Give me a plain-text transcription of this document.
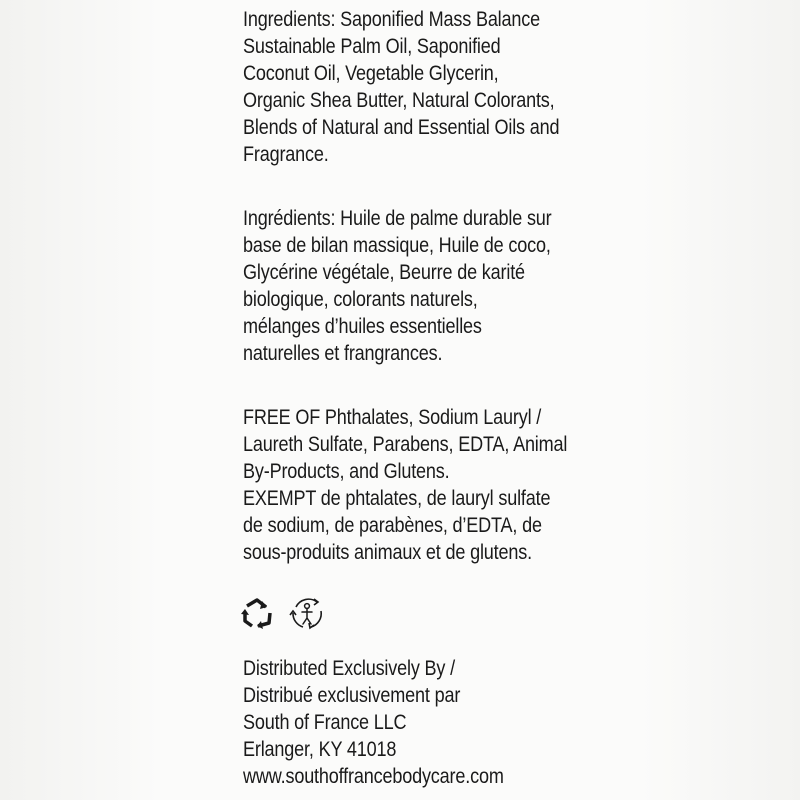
Ingredients: Saponified Mass Balance
Sustainable Palm Oil, Saponified
Coconut Oil, Vegetable Glycerin,
Organic Shea Butter, Natural Colorants,
Blends of Natural and Essential Oils and
Fragrance.
Ingrédients: Huile de palme durable sur
base de bilan massique, Huile de coco,
Glycérine végétale, Beurre de karité
biologique, colorants naturels,
mélanges d’huiles essentielles
naturelles et frangrances.
FREE OF Phthalates, Sodium Lauryl /
Laureth Sulfate, Parabens, EDTA, Animal
By-Products, and Glutens.
EXEMPT de phtalates, de lauryl sulfate
de sodium, de parabènes, d’EDTA, de
sous-produits animaux et de glutens.
Distributed Exclusively By /
Distribué exclusivement par
South of France LLC
Erlanger, KY 41018
www.southoffrancebodycare.com
